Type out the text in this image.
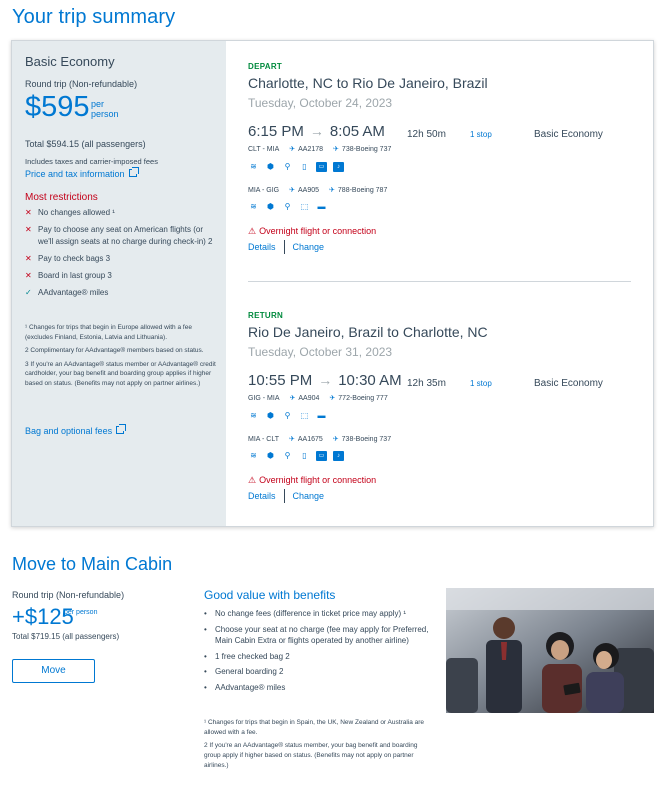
Your trip summary
Basic Economy
Round trip (Non-refundable)
$595 per person
Total $594.15 (all passengers)
Includes taxes and carrier-imposed fees
Price and tax information
Most restrictions
✕ No changes allowed ¹
✕ Pay to choose any seat on American flights (or we'll assign seats at no charge during check-in) 2
✕ Pay to check bags 3
✕ Board in last group 3
✓ AAdvantage® miles

¹ Changes for trips that begin in Europe allowed with a fee (excludes Finland, Estonia, Latvia and Lithuania).

2 Complimentary for AAdvantage® members based on status.

3 If you're an AAdvantage® status member or AAdvantage® credit cardholder, your bag benefit and boarding group applies if higher based on status. (Benefits may not apply on partner airlines.)

Bag and optional fees
DEPART
Charlotte, NC to Rio De Janeiro, Brazil
Tuesday, October 24, 2023
6:15 PM → 8:05 AM 12h 50m	1 stop	Basic Economy
CLT - MIA ✈ AA2178 ✈ 738-Boeing 737
≋ ⬢	⚲	▯	▭	♪
MIA - GIG ✈ AA905 ✈ 788-Boeing 787
≋ ⬢	⚲	⬚ ▬
⚠ Overnight flight or connection
Details Change
RETURN
Rio De Janeiro, Brazil to Charlotte, NC
Tuesday, October 31, 2023
10:55 PM → 10:30 AM 12h 35m	1 stop	Basic Economy
GIG - MIA ✈ AA904 ✈ 772-Boeing 777
≋ ⬢	⚲	⬚ ▬
MIA - CLT ✈ AA1675 ✈ 738-Boeing 737
≋ ⬢	⚲	▯	▭	♪
⚠ Overnight flight or connection
Details Change
Move to Main Cabin
Round trip (Non-refundable)
+$125
per person
Total $719.15 (all passengers)
Move
Good value with benefits
• No change fees (difference in ticket price may apply) ¹
• Choose your seat at no charge (fee may apply for Preferred, Main Cabin Extra or flights operated by another airline)
• 1 free checked bag 2
• General boarding 2
• AAdvantage® miles

¹ Changes for trips that begin in Spain, the UK, New Zealand or Australia are allowed with a fee.

2 If you're an AAdvantage® status member, your bag benefit and boarding group apply if higher based on status. (Benefits may not apply on partner airlines.)
